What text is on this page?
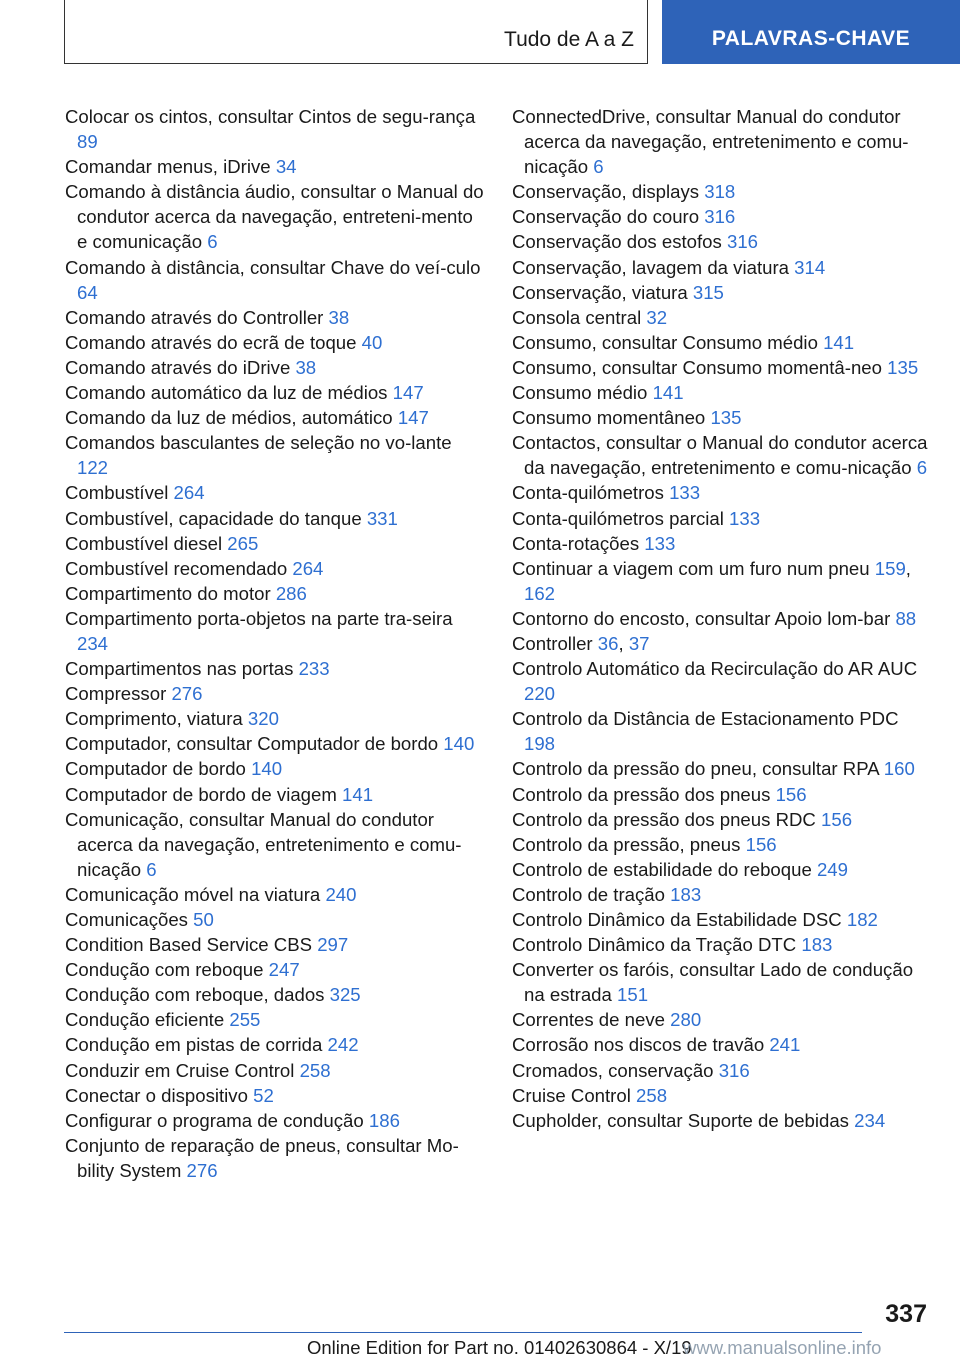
Tudo de A a Z	PALAVRAS-CHAVE
Colocar os cintos, consultar Cintos de segu-rança 89
Comandar menus, iDrive 34
Comando à distância áudio, consultar o Manual do condutor acerca da navegação, entreteni-mento e comunicação 6
Comando à distância, consultar Chave do veí-culo 64
Comando através do Controller 38
Comando através do ecrã de toque 40
Comando através do iDrive 38
Comando automático da luz de médios 147
Comando da luz de médios, automático 147
Comandos basculantes de seleção no vo-lante 122
Combustível 264
Combustível, capacidade do tanque 331
Combustível diesel 265
Combustível recomendado 264
Compartimento do motor 286
Compartimento porta-objetos na parte tra-seira 234
Compartimentos nas portas 233
Compressor 276
Comprimento, viatura 320
Computador, consultar Computador de bordo 140
Computador de bordo 140
Computador de bordo de viagem 141
Comunicação, consultar Manual do condutor acerca da navegação, entretenimento e comu-nicação 6
Comunicação móvel na viatura 240
Comunicações 50
Condition Based Service CBS 297
Condução com reboque 247
Condução com reboque, dados 325
Condução eficiente 255
Condução em pistas de corrida 242
Conduzir em Cruise Control 258
Conectar o dispositivo 52
Configurar o programa de condução 186
Conjunto de reparação de pneus, consultar Mo-bility System 276
ConnectedDrive, consultar Manual do condutor acerca da navegação, entretenimento e comu-nicação 6
Conservação, displays 318
Conservação do couro 316
Conservação dos estofos 316
Conservação, lavagem da viatura 314
Conservação, viatura 315
Consola central 32
Consumo, consultar Consumo médio 141
Consumo, consultar Consumo momentâ-neo 135
Consumo médio 141
Consumo momentâneo 135
Contactos, consultar o Manual do condutor acerca da navegação, entretenimento e comu-nicação 6
Conta-quilómetros 133
Conta-quilómetros parcial 133
Conta-rotações 133
Continuar a viagem com um furo num pneu 159, 162
Contorno do encosto, consultar Apoio lom-bar 88
Controller 36, 37
Controlo Automático da Recirculação do AR AUC 220
Controlo da Distância de Estacionamento PDC 198
Controlo da pressão do pneu, consultar RPA 160
Controlo da pressão dos pneus 156
Controlo da pressão dos pneus RDC 156
Controlo da pressão, pneus 156
Controlo de estabilidade do reboque 249
Controlo de tração 183
Controlo Dinâmico da Estabilidade DSC 182
Controlo Dinâmico da Tração DTC 183
Converter os faróis, consultar Lado de condução na estrada 151
Correntes de neve 280
Corrosão nos discos de travão 241
Cromados, conservação 316
Cruise Control 258
Cupholder, consultar Suporte de bebidas 234
337
Online Edition for Part no. 01402630864 - X/19
www.manualsonline.info
